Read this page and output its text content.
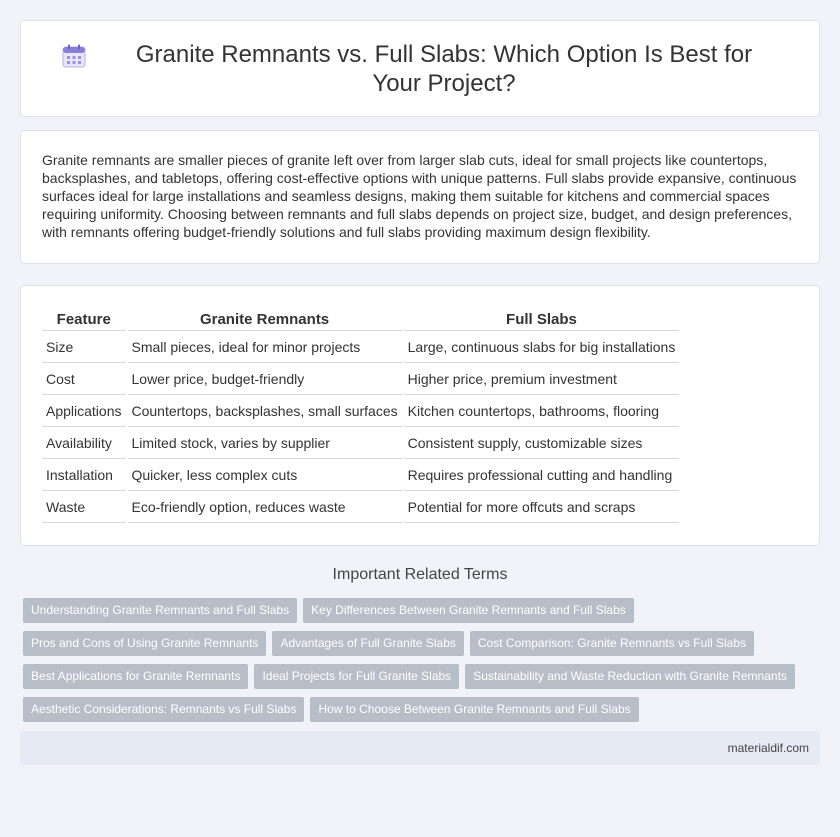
Granite Remnants vs. Full Slabs: Which Option Is Best for Your Project?

Granite remnants are smaller pieces of granite left over from larger slab cuts, ideal for small projects like countertops, backsplashes, and tabletops, offering cost-effective options with unique patterns. Full slabs provide expansive, continuous surfaces ideal for large installations and seamless designs, making them suitable for kitchens and commercial spaces requiring uniformity. Choosing between remnants and full slabs depends on project size, budget, and design preferences, with remnants offering budget-friendly solutions and full slabs providing maximum design flexibility.

Feature	Granite Remnants	Full Slabs
Size	Small pieces, ideal for minor projects	Large, continuous slabs for big installations
Cost	Lower price, budget-friendly	Higher price, premium investment
Applications	Countertops, backsplashes, small surfaces	Kitchen countertops, bathrooms, flooring
Availability	Limited stock, varies by supplier	Consistent supply, customizable sizes
Installation	Quicker, less complex cuts	Requires professional cutting and handling
Waste	Eco-friendly option, reduces waste	Potential for more offcuts and scraps
Important Related Terms
Understanding Granite Remnants and Full Slabs Key Differences Between Granite Remnants and Full Slabs
Pros and Cons of Using Granite Remnants Advantages of Full Granite Slabs Cost Comparison: Granite Remnants vs Full Slabs
Best Applications for Granite Remnants Ideal Projects for Full Granite Slabs Sustainability and Waste Reduction with Granite Remnants
Aesthetic Considerations: Remnants vs Full Slabs How to Choose Between Granite Remnants and Full Slabs
materialdif.com
